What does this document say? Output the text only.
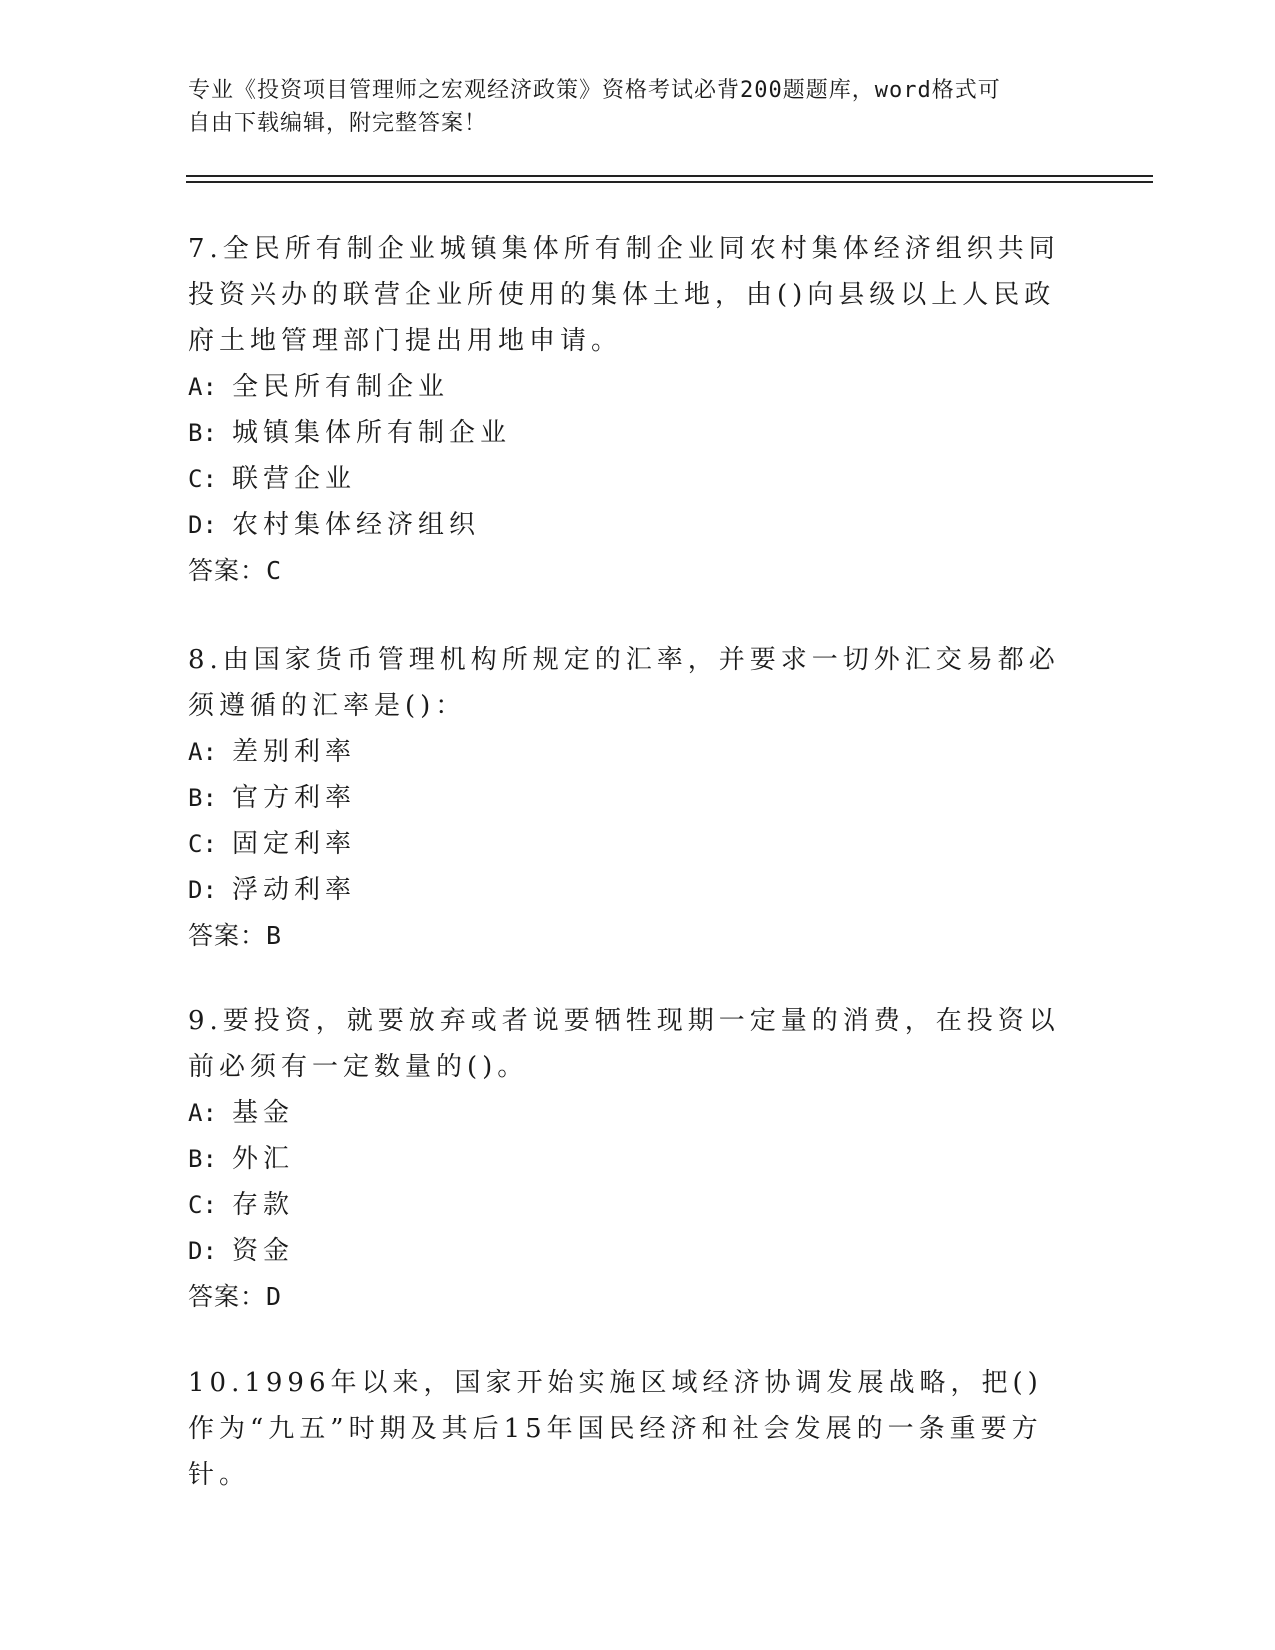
专业《投资项目管理师之宏观经济政策》资格考试必背200题题库，word格式可
自由下载编辑，附完整答案！

7.全民所有制企业城镇集体所有制企业同农村集体经济组织共同投资兴办的联营企业所使用的集体土地，由()向县级以上人民政府土地管理部门提出用地申请。

A: 全民所有制企业

B: 城镇集体所有制企业

C: 联营企业

D: 农村集体经济组织

答案：C

8.由国家货币管理机构所规定的汇率，并要求一切外汇交易都必须遵循的汇率是()：

A: 差别利率

B: 官方利率

C: 固定利率

D: 浮动利率

答案：B

9.要投资，就要放弃或者说要牺牲现期一定量的消费，在投资以前必须有一定数量的()。

A: 基金

B: 外汇

C: 存款

D: 资金

答案：D

10.1996年以来，国家开始实施区域经济协调发展战略，把()作为“九五”时期及其后15年国民经济和社会发展的一条重要方针。
